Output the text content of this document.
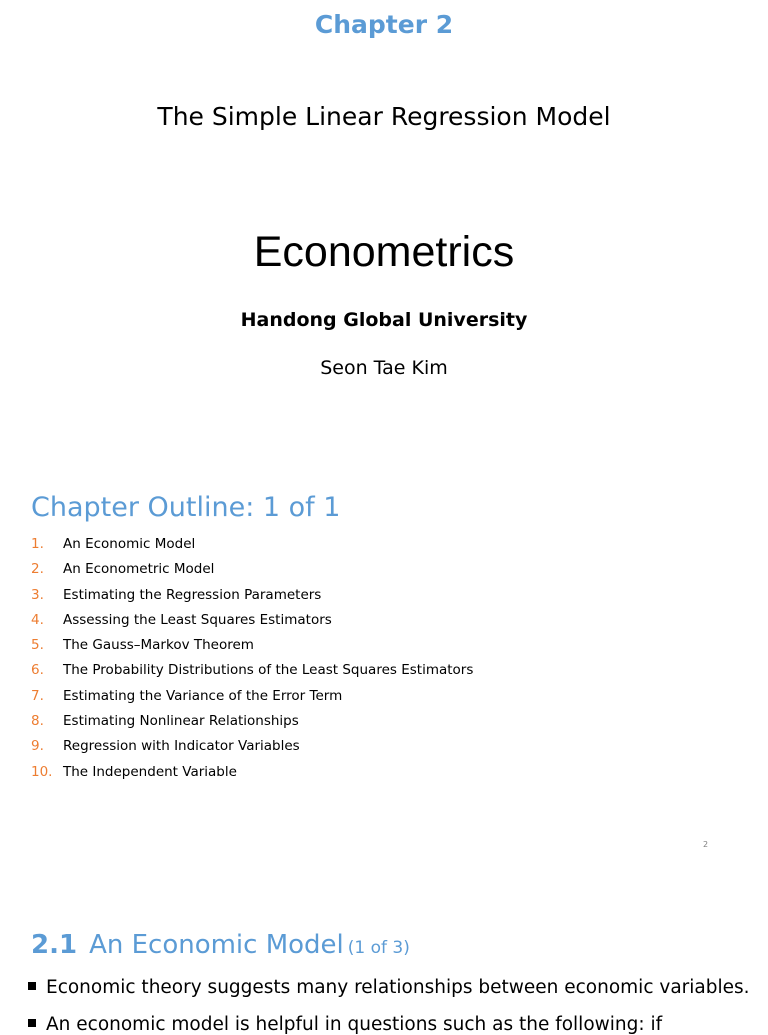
Chapter 2
The Simple Linear Regression Model
Econometrics
Handong Global University
Seon Tae Kim
Chapter Outline: 1 of 1
1. An Economic Model
2. An Econometric Model
3. Estimating the Regression Parameters
4. Assessing the Least Squares Estimators
5. The Gauss–Markov Theorem
6. The Probability Distributions of the Least Squares Estimators
7. Estimating the Variance of the Error Term
8. Estimating Nonlinear Relationships
9. Regression with Indicator Variables
10. The Independent Variable
2
2.1 An Economic Model (1 of 3)
Economic theory suggests many relationships between economic variables.
An economic model is helpful in questions such as the following: if
